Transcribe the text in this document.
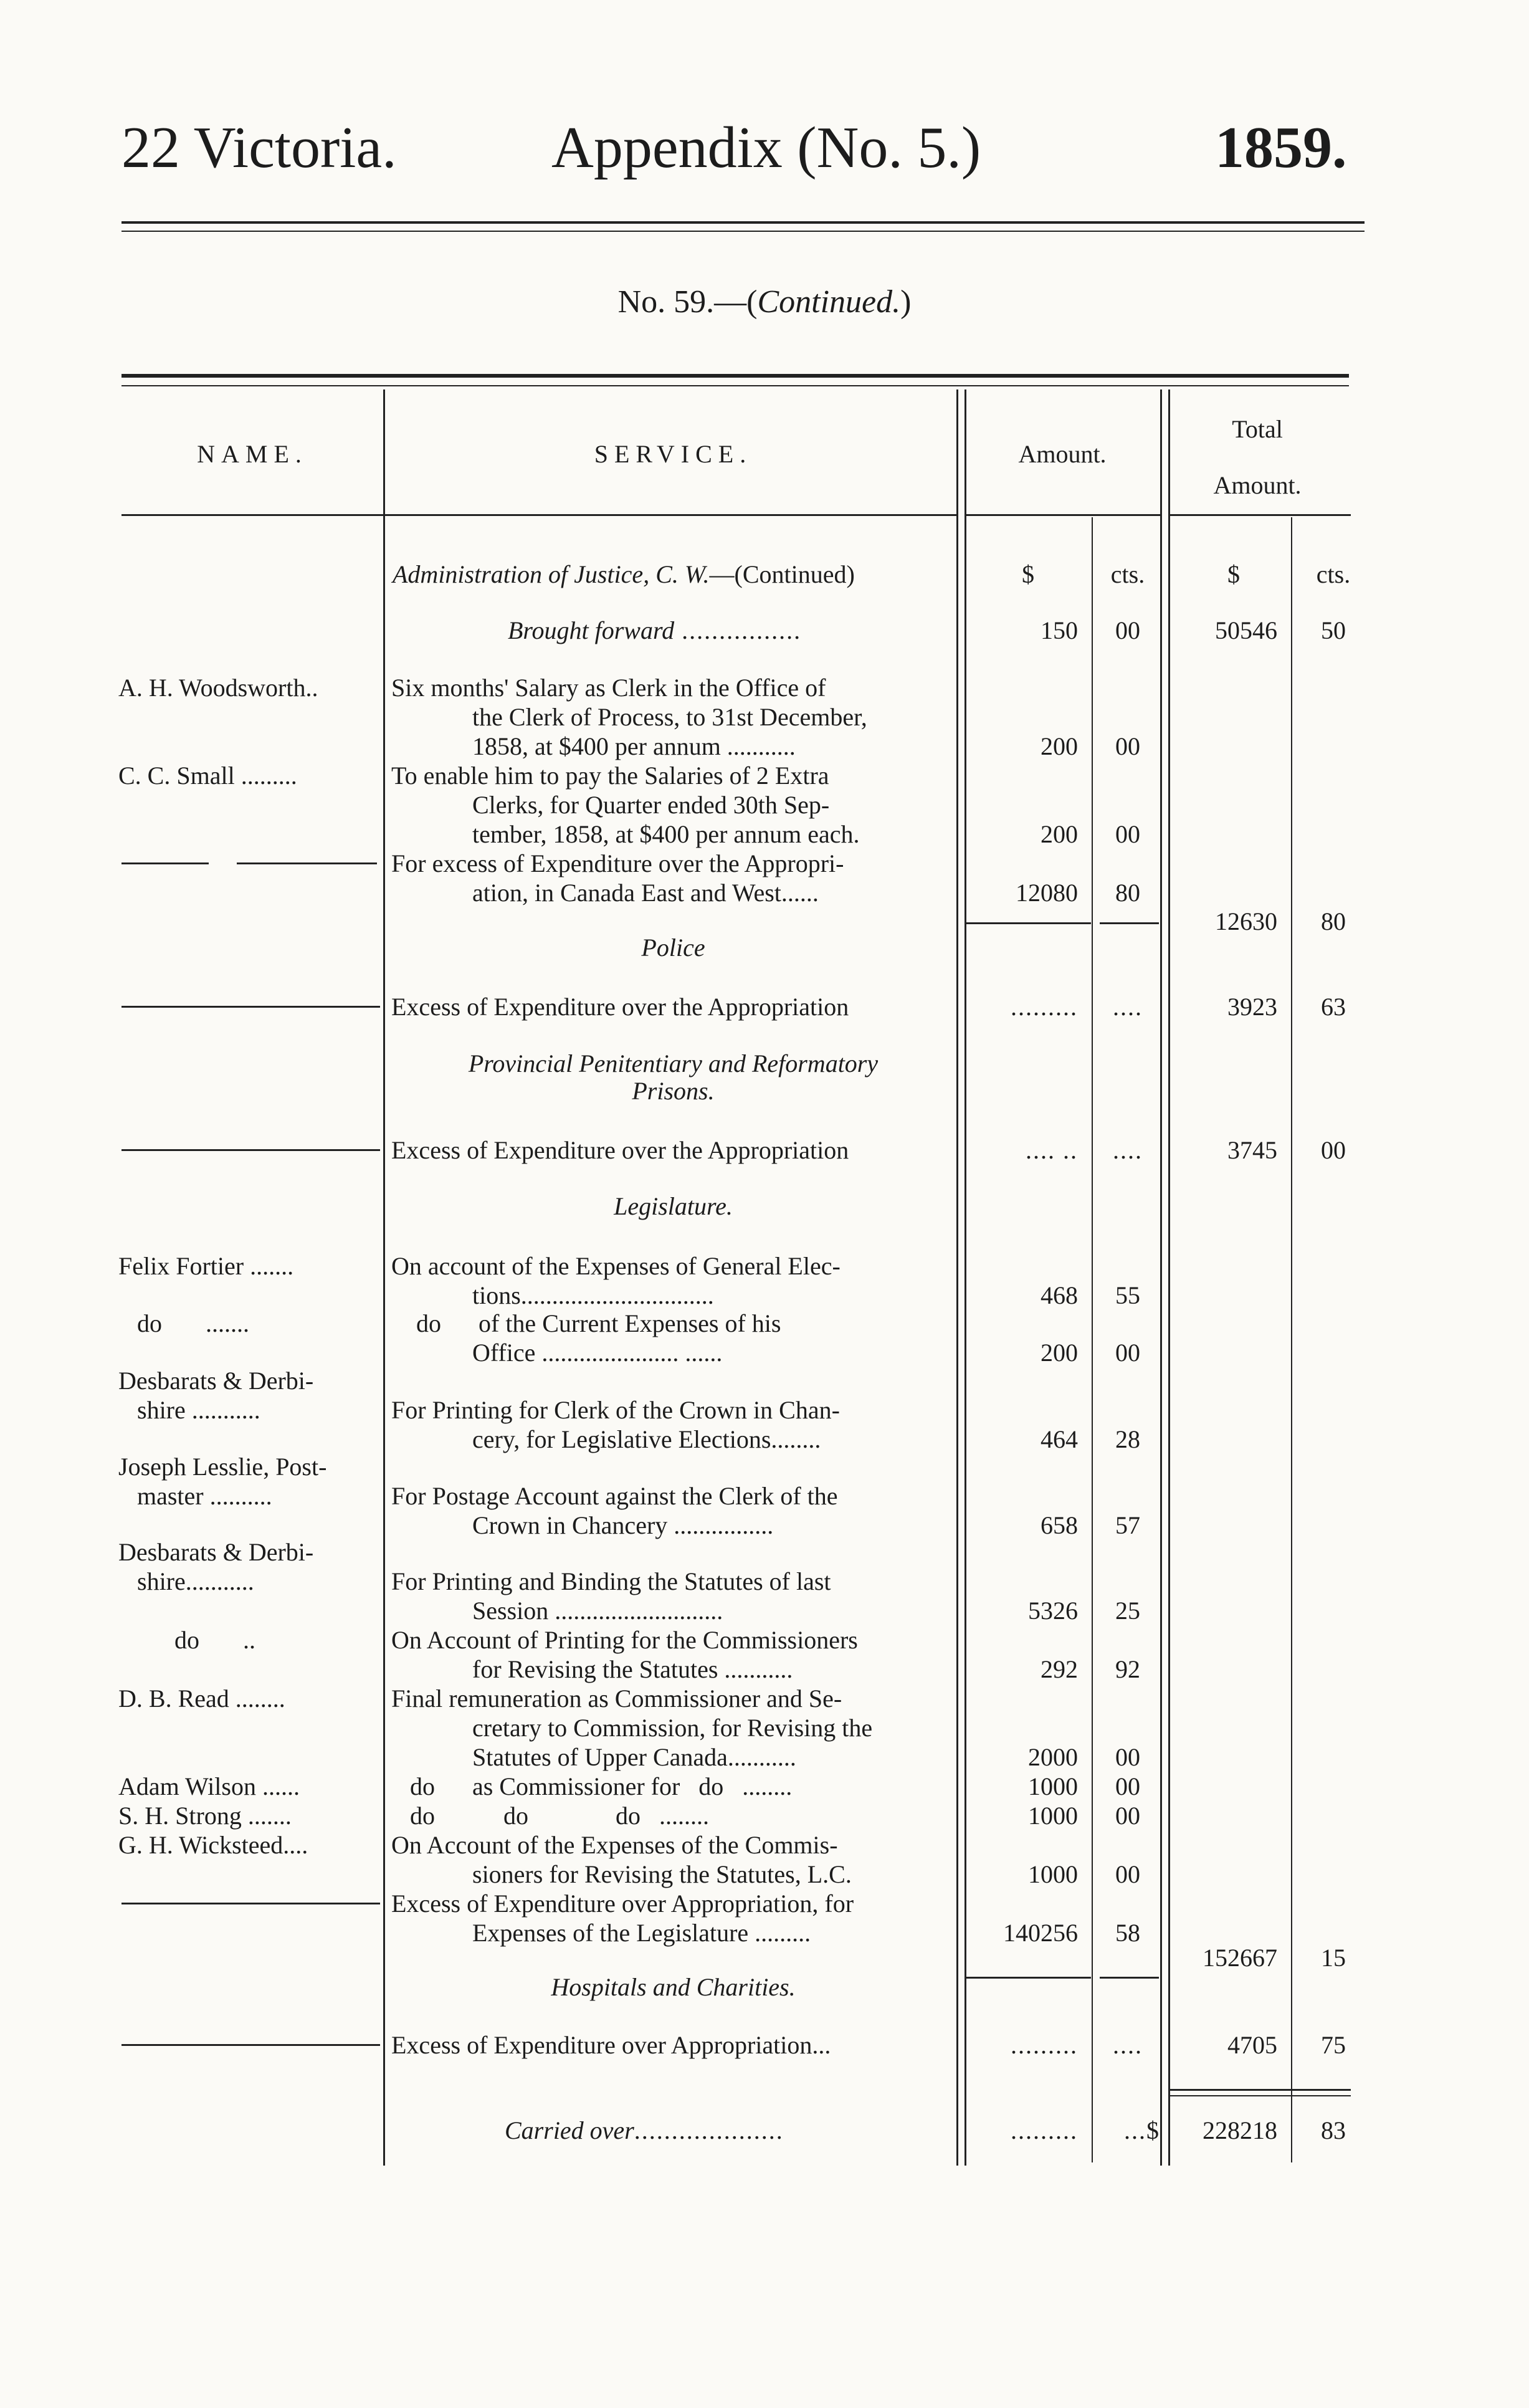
22 Victoria.	Appendix (No. 5.)	1859.
No. 59.—(Continued.)
NAME.	SERVICE.	Amount.
Total
Amount.
Administration of Justice, C. W.—(Continued)	$	cts.	$	cts.
Brought forward ................	150	00	50546	50
A. H. Woodsworth..	Six months' Salary as Clerk in the Office of
the Clerk of Process, to 31st December,
1858, at $400 per annum ...........	200	00
C. C. Small .........	To enable him to pay the Salaries of 2 Extra
Clerks, for Quarter ended 30th Sep-
tember, 1858, at $400 per annum each.	200	00
For excess of Expenditure over the Appropri-
ation, in Canada East and West......	12080	80
12630	80
Police
Excess of Expenditure over the Appropriation	.........	....	3923	63
Provincial Penitentiary and Reformatory
Prisons.
Excess of Expenditure over the Appropriation	.... ..	....	3745	00
Legislature.
Felix Fortier .......	On account of the Expenses of General Elec-
tions...............................	468	55
do       .......	do      of the Current Expenses of his
Office ...................... ......	200	00
Desbarats & Derbi-
shire ...........	For Printing for Clerk of the Crown in Chan-
cery, for Legislative Elections........	464	28
Joseph Lesslie, Post-
master ..........	For Postage Account against the Clerk of the
Crown in Chancery ................	658	57
Desbarats & Derbi-
shire...........	For Printing and Binding the Statutes of last
Session ...........................	5326	25
do       ..	On Account of Printing for the Commissioners
for Revising the Statutes ...........	292	92
D. B. Read ........	Final remuneration as Commissioner and Se-
cretary to Commission, for Revising the
Statutes of Upper Canada...........	2000	00
Adam Wilson ......	do      as Commissioner for   do   ........	1000	00
S. H. Strong .......	do           do              do   ........	1000	00
G. H. Wicksteed....	On Account of the Expenses of the Commis-
sioners for Revising the Statutes, L.C.	1000	00
Excess of Expenditure over Appropriation, for
Expenses of the Legislature .........	140256	58
152667	15
Hospitals and Charities.
Excess of Expenditure over Appropriation...	.........	....	4705	75
Carried over....................	.........	...$	228218	83
